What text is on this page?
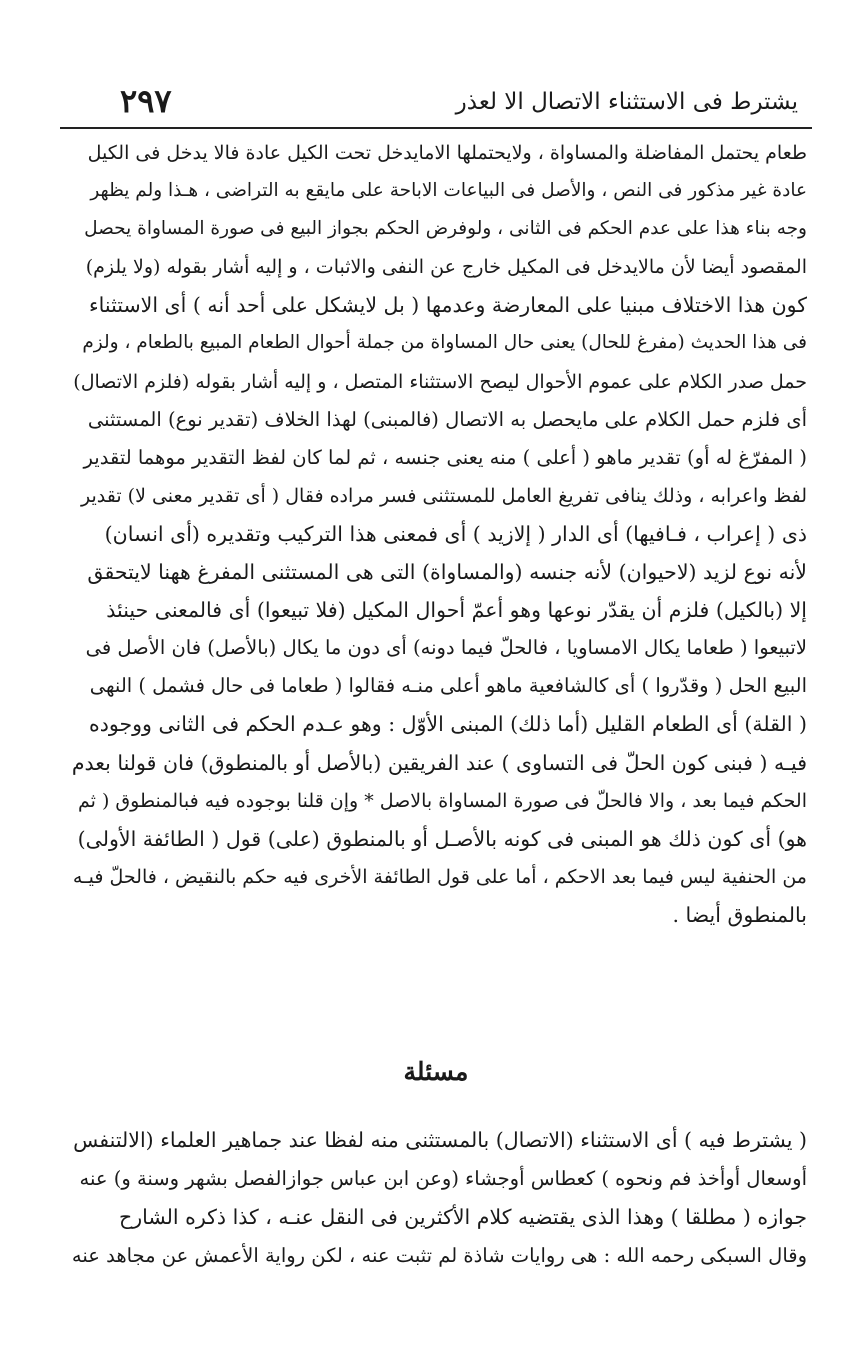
يشترط فى الاستثناء الاتصال الا لعذر
٢٩٧
طعام يحتمل المفاضلة والمساواة ، ولايحتملها الامايدخل تحت الكيل عادة فالا يدخل فى الكيل
عادة غير مذكور فى النص ، والأصل فى البياعات الاباحة على مايقع به التراضى ، هـذا ولم يظهر
وجه بناء هذا على عدم الحكم فى الثانى ، ولوفرض الحكم بجواز البيع فى صورة المساواة يحصل
المقصود أيضا لأن مالايدخل فى المكيل خارج عن النفى والاثبات ، و إليه أشار بقوله (ولا يلزم)
كون هذا الاختلاف مبنيا على المعارضة وعدمها ( بل لايشكل على أحد أنه ) أى الاستثناء
فى هذا الحديث (مفرغ للحال) يعنى حال المساواة من جملة أحوال الطعام المبيع بالطعام ، ولزم
حمل صدر الكلام على عموم الأحوال ليصح الاستثناء المتصل ، و إليه أشار بقوله (فلزم الاتصال)
أى فلزم حمل الكلام على مايحصل به الاتصال (فالمبنى) لهذا الخلاف (تقدير نوع) المستثنى
( المفرّغ له أو) تقدير ماهو ( أعلى ) منه يعنى جنسه ، ثم لما كان لفظ التقدير موهما لتقدير
لفظ واعرابه ، وذلك ينافى تفريغ العامل للمستثنى فسر مراده فقال ( أى تقدير معنى لا) تقدير
ذى ( إعراب ، فـافيها) أى الدار ( إلازيد ) أى فمعنى هذا التركيب وتقديره (أى انسان)
لأنه نوع لزيد (لاحيوان) لأنه جنسه (والمساواة) التى هى المستثنى المفرغ ههنا لايتحقق
إلا (بالكيل) فلزم أن يقدّر نوعها وهو أعمّ أحوال المكيل (فلا تبيعوا) أى فالمعنى حينئذ
لاتبيعوا ( طعاما يكال الامساويا ، فالحلّ فيما دونه) أى دون ما يكال (بالأصل) فان الأصل فى
البيع الحل ( وقدّروا ) أى كالشافعية ماهو أعلى منـه فقالوا ( طعاما فى حال فشمل ) النهى
( القلة) أى الطعام القليل (أما ذلك) المبنى الأوّل : وهو عـدم الحكم فى الثانى ووجوده
فيـه ( فبنى كون الحلّ فى التساوى ) عند الفريقين (بالأصل أو بالمنطوق) فان قولنا بعدم
الحكم فيما بعد ، والا فالحلّ فى صورة المساواة بالاصل * وإن قلنا بوجوده فيه فبالمنطوق ( ثم
هو) أى كون ذلك هو المبنى فى كونه بالأصـل أو بالمنطوق (على) قول ( الطائفة الأولى)
من الحنفية ليس فيما بعد الاحكم ، أما على قول الطائفة الأخرى فيه حكم بالنقيض ، فالحلّ فيـه
بالمنطوق أيضا .
مسئلة
( يشترط فيه ) أى الاستثناء (الاتصال) بالمستثنى منه لفظا عند جماهير العلماء (الالتنفس
أوسعال أوأخذ فم ونحوه ) كعطاس أوجشاء (وعن ابن عباس جوازالفصل بشهر وسنة و) عنه
جوازه ( مطلقا ) وهذا الذى يقتضيه كلام الأكثرين فى النقل عنـه ، كذا ذكره الشارح
وقال السبكى رحمه الله : هى روايات شاذة لم تثبت عنه ، لكن رواية الأعمش عن مجاهد عنه
